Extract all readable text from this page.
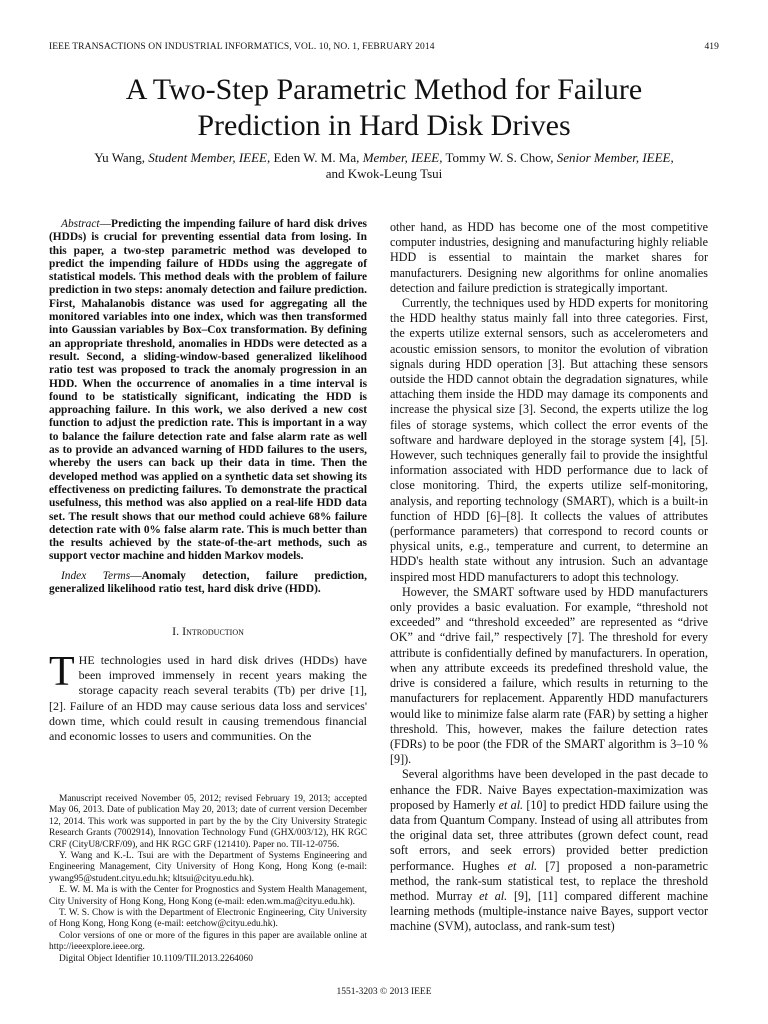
IEEE TRANSACTIONS ON INDUSTRIAL INFORMATICS, VOL. 10, NO. 1, FEBRUARY 2014	419
A Two-Step Parametric Method for Failure
Prediction in Hard Disk Drives
Yu Wang, Student Member, IEEE, Eden W. M. Ma, Member, IEEE, Tommy W. S. Chow, Senior Member, IEEE,
and Kwok-Leung Tsui

Abstract—Predicting the impending failure of hard disk drives (HDDs) is crucial for preventing essential data from losing. In this paper, a two-step parametric method was developed to predict the impending failure of HDDs using the aggregate of statistical models. This method deals with the problem of failure prediction in two steps: anomaly detection and failure prediction. First, Mahalanobis distance was used for aggregating all the monitored variables into one index, which was then transformed into Gaussian variables by Box–Cox transformation. By defining an appropriate threshold, anomalies in HDDs were detected as a result. Second, a sliding-window-based generalized likelihood ratio test was proposed to track the anomaly progression in an HDD. When the occurrence of anomalies in a time interval is found to be statistically significant, indicating the HDD is approaching failure. In this work, we also derived a new cost function to adjust the prediction rate. This is important in a way to balance the failure detection rate and false alarm rate as well as to provide an advanced warning of HDD failures to the users, whereby the users can back up their data in time. Then the developed method was applied on a synthetic data set showing its effectiveness on predicting failures. To demonstrate the practical usefulness, this method was also applied on a real-life HDD data set. The result shows that our method could achieve 68% failure detection rate with 0% false alarm rate. This is much better than the results achieved by the state-of-the-art methods, such as support vector machine and hidden Markov models.

Index Terms—Anomaly detection, failure prediction, generalized likelihood ratio test, hard disk drive (HDD).

I. Introduction

THE technologies used in hard disk drives (HDDs) have been improved immensely in recent years making the storage capacity reach several terabits (Tb) per drive [1], [2]. Failure of an HDD may cause serious data loss and services' down time, which could result in causing tremendous financial and economic losses to users and communities. On the

Manuscript received November 05, 2012; revised February 19, 2013; accepted May 06, 2013. Date of publication May 20, 2013; date of current version December 12, 2014. This work was supported in part by the by the City University Strategic Research Grants (7002914), Innovation Technology Fund (GHX/003/12), HK RGC CRF (CityU8/CRF/09), and HK RGC GRF (121410). Paper no. TII-12-0756.

Y. Wang and K.-L. Tsui are with the Department of Systems Engineering and Engineering Management, City University of Hong Kong, Hong Kong (e-mail: ywang95@student.cityu.edu.hk; kltsui@cityu.edu.hk).

E. W. M. Ma is with the Center for Prognostics and System Health Management, City University of Hong Kong, Hong Kong (e-mail: eden.wm.ma@cityu.edu.hk).

T. W. S. Chow is with the Department of Electronic Engineering, City University of Hong Kong, Hong Kong (e-mail: eetchow@cityu.edu.hk).

Color versions of one or more of the figures in this paper are available online at http://ieeexplore.ieee.org.

Digital Object Identifier 10.1109/TII.2013.2264060

other hand, as HDD has become one of the most competitive computer industries, designing and manufacturing highly reliable HDD is essential to maintain the market shares for manufacturers. Designing new algorithms for online anomalies detection and failure prediction is strategically important.

Currently, the techniques used by HDD experts for monitoring the HDD healthy status mainly fall into three categories. First, the experts utilize external sensors, such as accelerometers and acoustic emission sensors, to monitor the evolution of vibration signals during HDD operation [3]. But attaching these sensors outside the HDD cannot obtain the degradation signatures, while attaching them inside the HDD may damage its components and increase the physical size [3]. Second, the experts utilize the log files of storage systems, which collect the error events of the software and hardware deployed in the storage system [4], [5]. However, such techniques generally fail to provide the insightful information associated with HDD performance due to lack of close monitoring. Third, the experts utilize self-monitoring, analysis, and reporting technology (SMART), which is a built-in function of HDD [6]–[8]. It collects the values of attributes (performance parameters) that correspond to record counts or physical units, e.g., temperature and current, to determine an HDD's health state without any intrusion. Such an advantage inspired most HDD manufacturers to adopt this technology.

However, the SMART software used by HDD manufacturers only provides a basic evaluation. For example, “threshold not exceeded” and “threshold exceeded” are represented as “drive OK” and “drive fail,” respectively [7]. The threshold for every attribute is confidentially defined by manufacturers. In operation, when any attribute exceeds its predefined threshold value, the drive is considered a failure, which results in returning to the manufacturers for replacement. Apparently HDD manufacturers would like to minimize false alarm rate (FAR) by setting a higher threshold. This, however, makes the failure detection rates (FDRs) to be poor (the FDR of the SMART algorithm is 3–10 % [9]).

Several algorithms have been developed in the past decade to enhance the FDR. Naive Bayes expectation-maximization was proposed by Hamerly et al. [10] to predict HDD failure using the data from Quantum Company. Instead of using all attributes from the original data set, three attributes (grown defect count, read soft errors, and seek errors) provided better prediction performance. Hughes et al. [7] proposed a non-parametric method, the rank-sum statistical test, to replace the threshold method. Murray et al. [9], [11] compared different machine learning methods (multiple-instance naive Bayes, support vector machine (SVM), autoclass, and rank-sum test)

1551-3203 © 2013 IEEE
